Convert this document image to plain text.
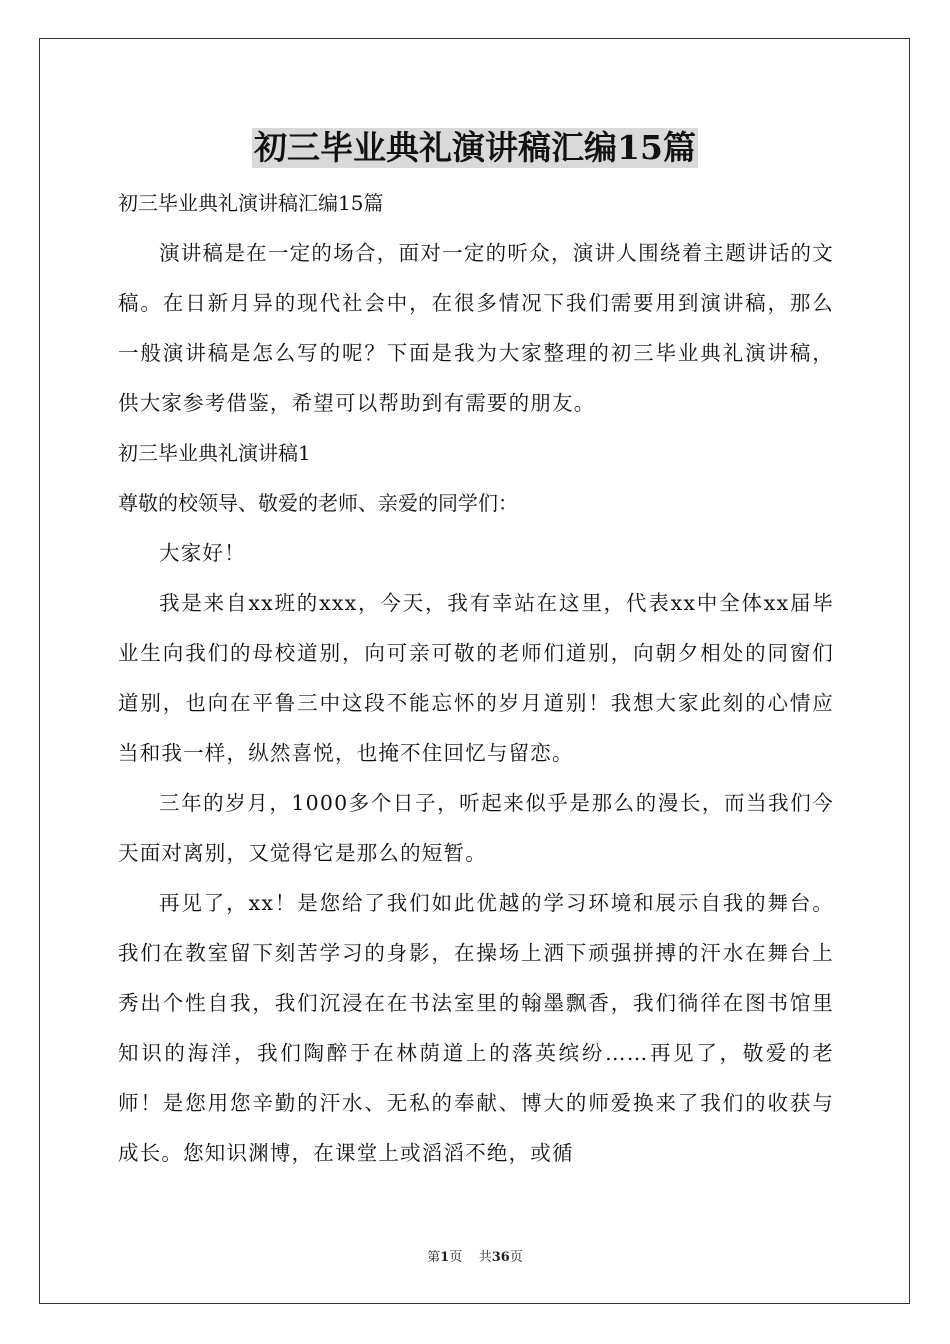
初三毕业典礼演讲稿汇编15篇
初三毕业典礼演讲稿汇编15篇
演讲稿是在一定的场合，面对一定的听众，演讲人围绕着主题讲话的文稿。在日新月异的现代社会中，在很多情况下我们需要用到演讲稿，那么一般演讲稿是怎么写的呢？下面是我为大家整理的初三毕业典礼演讲稿，供大家参考借鉴，希望可以帮助到有需要的朋友。
初三毕业典礼演讲稿1
尊敬的校领导、敬爱的老师、亲爱的同学们：
大家好！
我是来自xx班的xxx，今天，我有幸站在这里，代表xx中全体xx届毕业生向我们的母校道别，向可亲可敬的老师们道别，向朝夕相处的同窗们道别，也向在平鲁三中这段不能忘怀的岁月道别！我想大家此刻的心情应当和我一样，纵然喜悦，也掩不住回忆与留恋。
三年的岁月，1000多个日子，听起来似乎是那么的漫长，而当我们今天面对离别，又觉得它是那么的短暂。
再见了，xx！是您给了我们如此优越的学习环境和展示自我的舞台。我们在教室留下刻苦学习的身影，在操场上洒下顽强拼搏的汗水在舞台上秀出个性自我，我们沉浸在在书法室里的翰墨飘香，我们徜徉在图书馆里知识的海洋，我们陶醉于在林荫道上的落英缤纷……再见了，敬爱的老师！是您用您辛勤的汗水、无私的奉献、博大的师爱换来了我们的收获与成长。您知识渊博，在课堂上或滔滔不绝，或循
第1页 共36页
